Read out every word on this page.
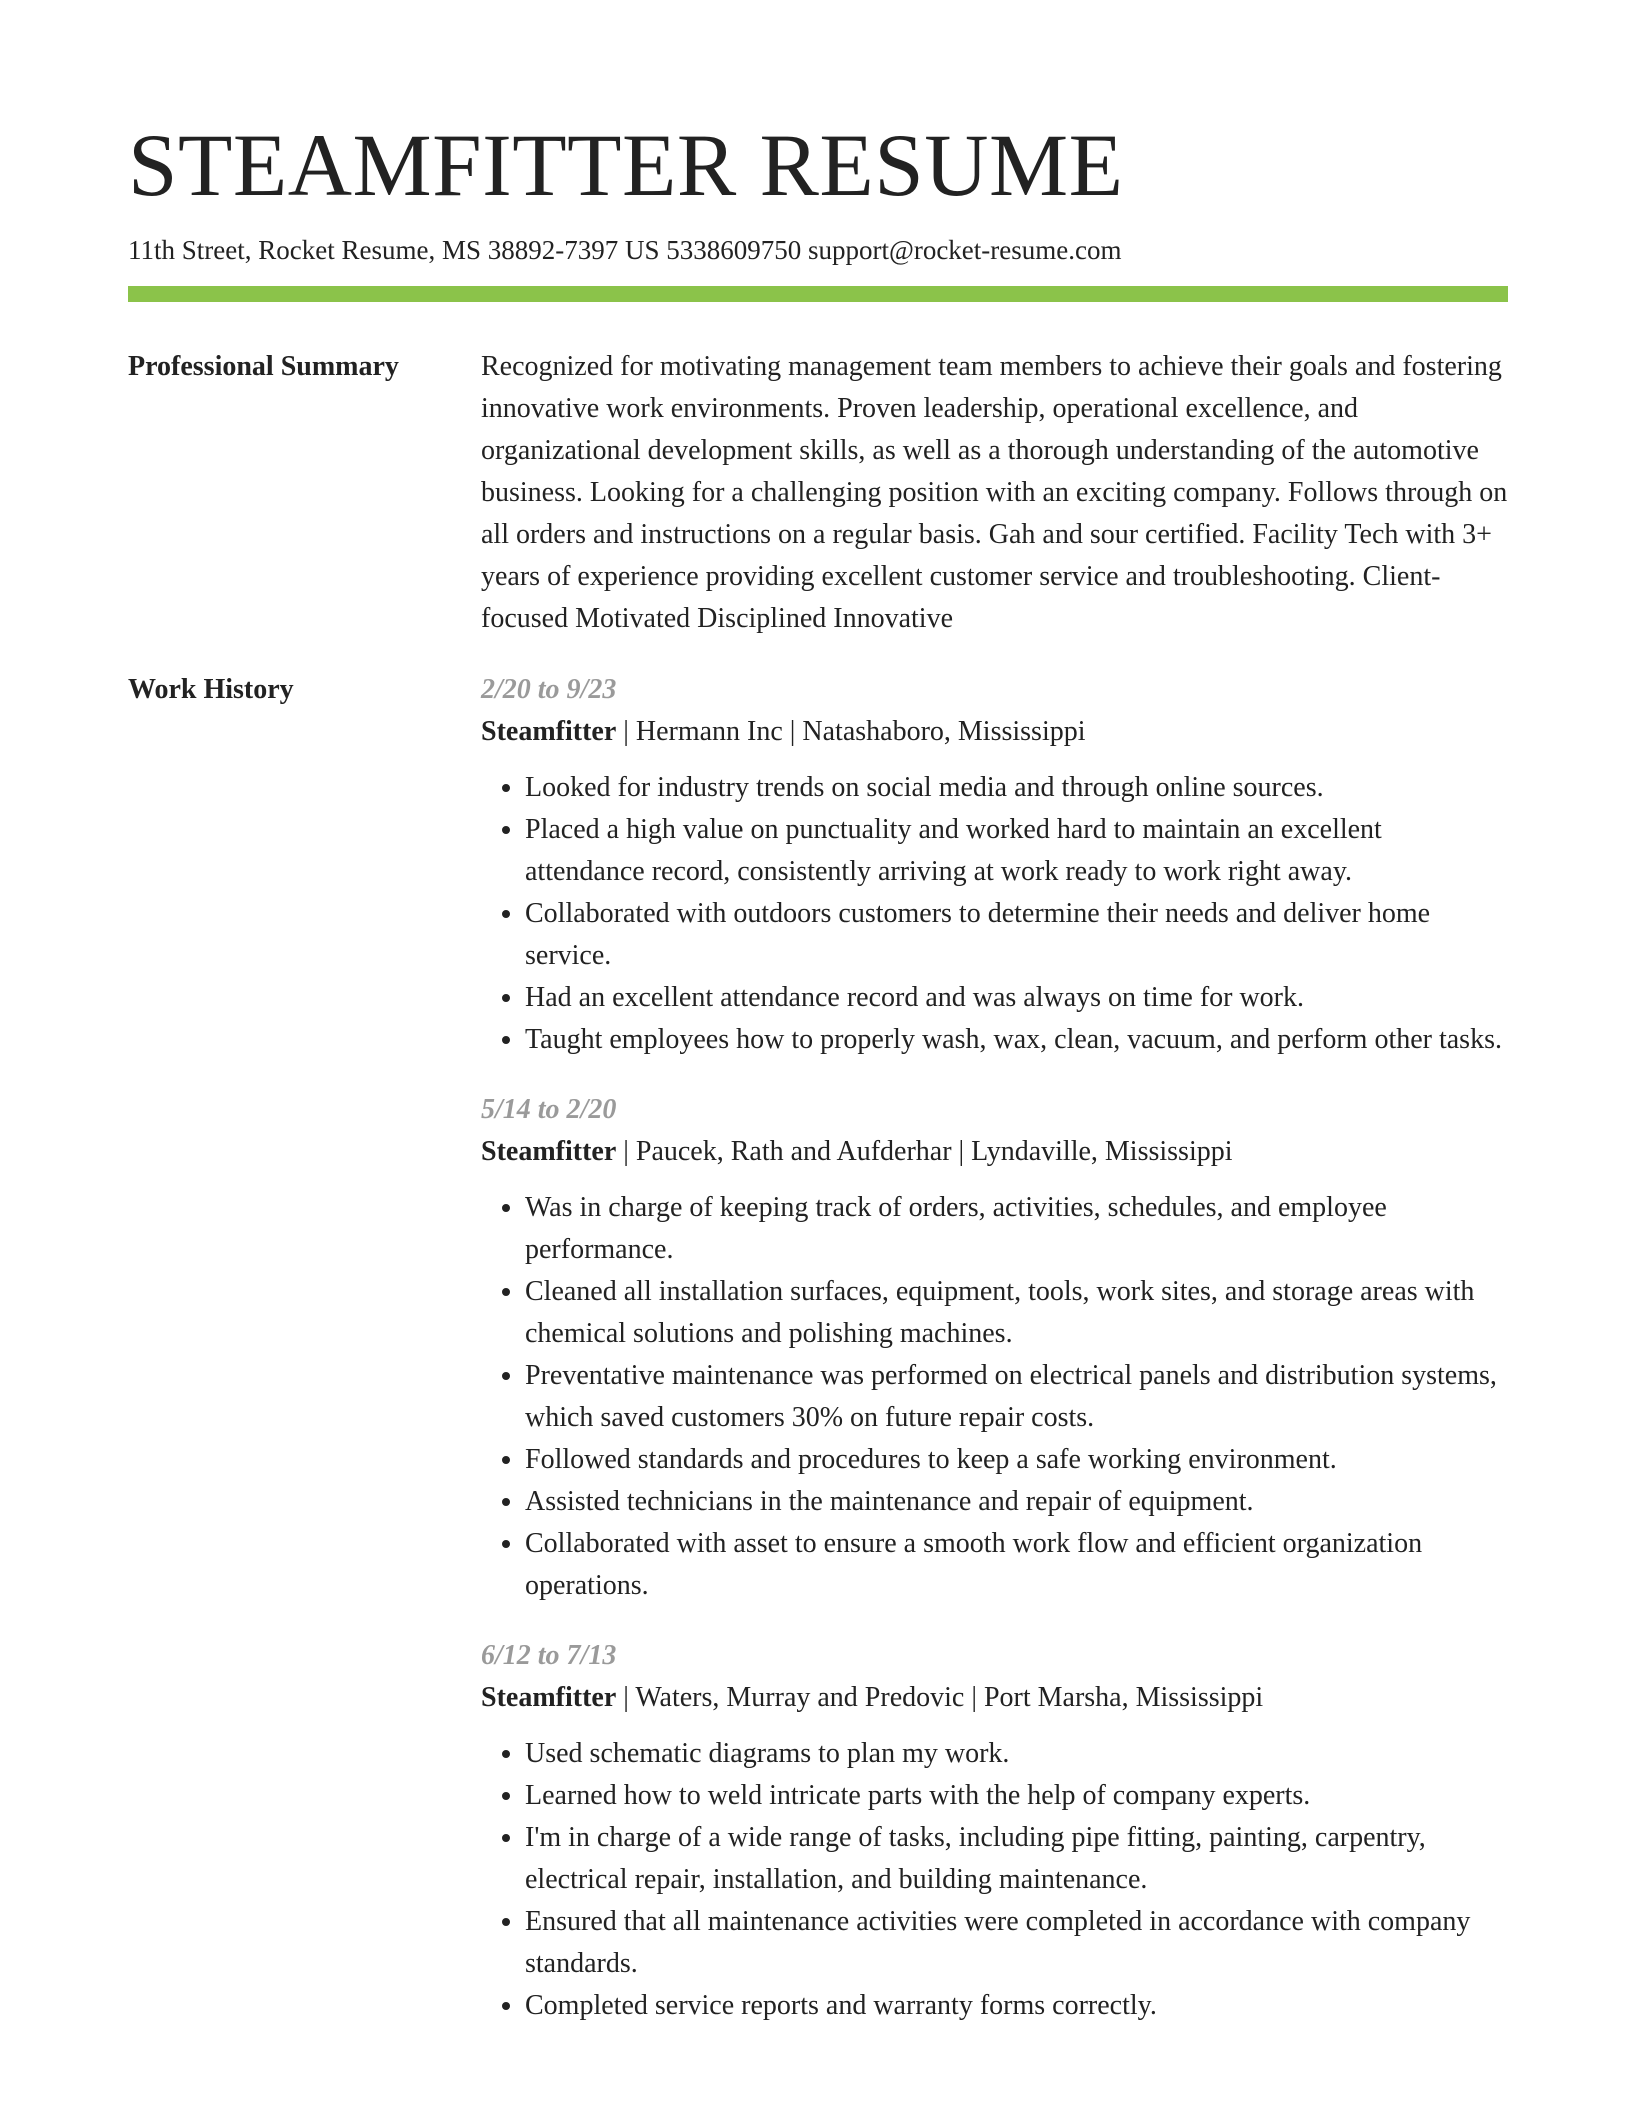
STEAMFITTER RESUME
11th Street, Rocket Resume, MS 38892-7397 US 5338609750 support@rocket-resume.com
Professional Summary	Recognized for motivating management team members to achieve their goals and fostering innovative work environments. Proven leadership, operational excellence, and organizational development skills, as well as a thorough understanding of the automotive business. Looking for a challenging position with an exciting company. Follows through on all orders and instructions on a regular basis. Gah and sour certified. Facility Tech with 3+ years of experience providing excellent customer service and troubleshooting. Client-focused Motivated Disciplined Innovative

Work History	2/20 to 9/23
Steamfitter | Hermann Inc | Natashaboro, Mississippi
• Looked for industry trends on social media and through online sources.
• Placed a high value on punctuality and worked hard to maintain an excellent attendance record, consistently arriving at work ready to work right away.
• Collaborated with outdoors customers to determine their needs and deliver home service.
• Had an excellent attendance record and was always on time for work.
• Taught employees how to properly wash, wax, clean, vacuum, and perform other tasks.
5/14 to 2/20
Steamfitter | Paucek, Rath and Aufderhar | Lyndaville, Mississippi
• Was in charge of keeping track of orders, activities, schedules, and employee performance.
• Cleaned all installation surfaces, equipment, tools, work sites, and storage areas with chemical solutions and polishing machines.
• Preventative maintenance was performed on electrical panels and distribution systems, which saved customers 30% on future repair costs.
• Followed standards and procedures to keep a safe working environment.
• Assisted technicians in the maintenance and repair of equipment.
• Collaborated with asset to ensure a smooth work flow and efficient organization operations.
6/12 to 7/13
Steamfitter | Waters, Murray and Predovic | Port Marsha, Mississippi
• Used schematic diagrams to plan my work.
• Learned how to weld intricate parts with the help of company experts.
• I'm in charge of a wide range of tasks, including pipe fitting, painting, carpentry, electrical repair, installation, and building maintenance.
• Ensured that all maintenance activities were completed in accordance with company standards.
• Completed service reports and warranty forms correctly.
